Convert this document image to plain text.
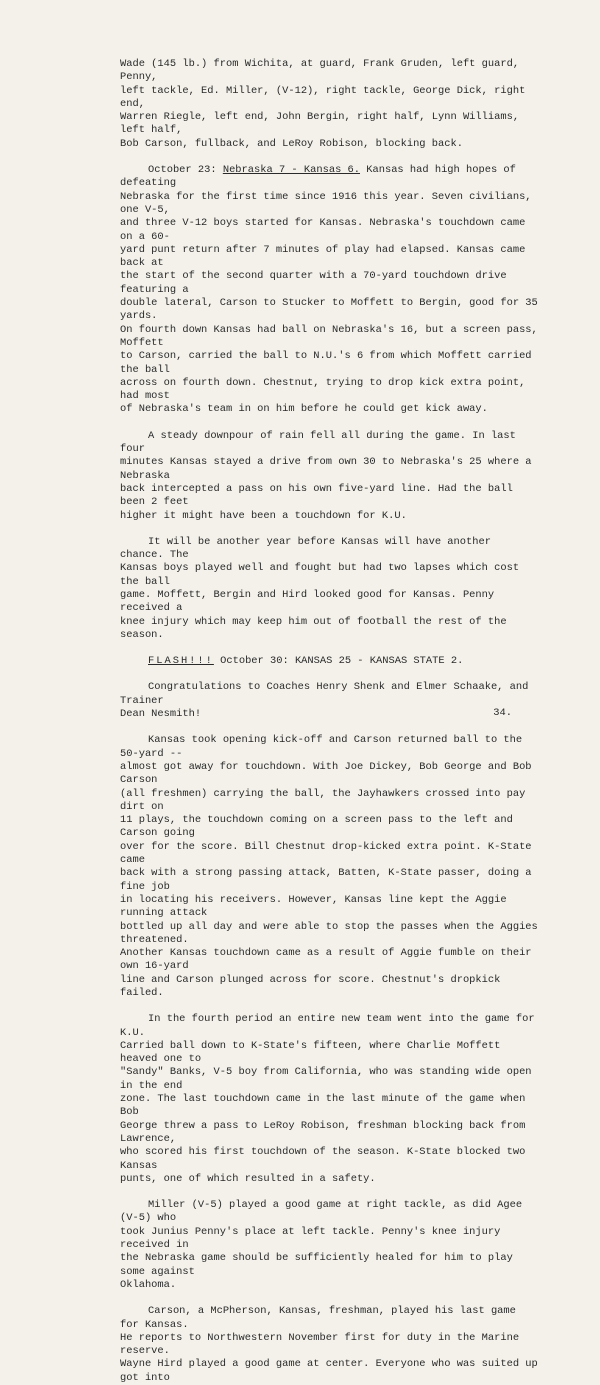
Wade (145 lb.) from Wichita, at guard, Frank Gruden, left guard, Penny,
left tackle, Ed. Miller, (V-12), right tackle, George Dick, right end,
Warren Riegle, left end, John Bergin, right half, Lynn Williams, left half,
Bob Carson, fullback, and LeRoy Robison, blocking back.

October 23: Nebraska 7 - Kansas 6. Kansas had high hopes of defeating
Nebraska for the first time since 1916 this year. Seven civilians, one V-5,
and three V-12 boys started for Kansas. Nebraska's touchdown came on a 60-
yard punt return after 7 minutes of play had elapsed. Kansas came back at
the start of the second quarter with a 70-yard touchdown drive featuring a
double lateral, Carson to Stucker to Moffett to Bergin, good for 35 yards.
On fourth down Kansas had ball on Nebraska's 16, but a screen pass, Moffett
to Carson, carried the ball to N.U.'s 6 from which Moffett carried the ball
across on fourth down. Chestnut, trying to drop kick extra point, had most
of Nebraska's team in on him before he could get kick away.

A steady downpour of rain fell all during the game. In last four
minutes Kansas stayed a drive from own 30 to Nebraska's 25 where a Nebraska
back intercepted a pass on his own five-yard line. Had the ball been 2 feet
higher it might have been a touchdown for K.U.

It will be another year before Kansas will have another chance. The
Kansas boys played well and fought but had two lapses which cost the ball
game. Moffett, Bergin and Hird looked good for Kansas. Penny received a
knee injury which may keep him out of football the rest of the season.

FLASH!!! October 30: KANSAS 25 - KANSAS STATE 2.

Congratulations to Coaches Henry Shenk and Elmer Schaake, and Trainer
Dean Nesmith!

Kansas took opening kick-off and Carson returned ball to the 50-yard --
almost got away for touchdown. With Joe Dickey, Bob George and Bob Carson
(all freshmen) carrying the ball, the Jayhawkers crossed into pay dirt on
11 plays, the touchdown coming on a screen pass to the left and Carson going
over for the score. Bill Chestnut drop-kicked extra point. K-State came
back with a strong passing attack, Batten, K-State passer, doing a fine job
in locating his receivers. However, Kansas line kept the Aggie running attack
bottled up all day and were able to stop the passes when the Aggies threatened.
Another Kansas touchdown came as a result of Aggie fumble on their own 16-yard
line and Carson plunged across for score. Chestnut's dropkick failed.

In the fourth period an entire new team went into the game for K.U.
Carried ball down to K-State's fifteen, where Charlie Moffett heaved one to
"Sandy" Banks, V-5 boy from California, who was standing wide open in the end
zone. The last touchdown came in the last minute of the game when Bob
George threw a pass to LeRoy Robison, freshman blocking back from Lawrence,
who scored his first touchdown of the season. K-State blocked two Kansas
punts, one of which resulted in a safety.

Miller (V-5) played a good game at right tackle, as did Agee (V-5) who
took Junius Penny's place at left tackle. Penny's knee injury received in
the Nebraska game should be sufficiently healed for him to play some against
Oklahoma.

Carson, a McPherson, Kansas, freshman, played his last game for Kansas.
He reports to Northwestern November first for duty in the Marine reserve.
Wayne Hird played a good game at center. Everyone who was suited up got into

34.
